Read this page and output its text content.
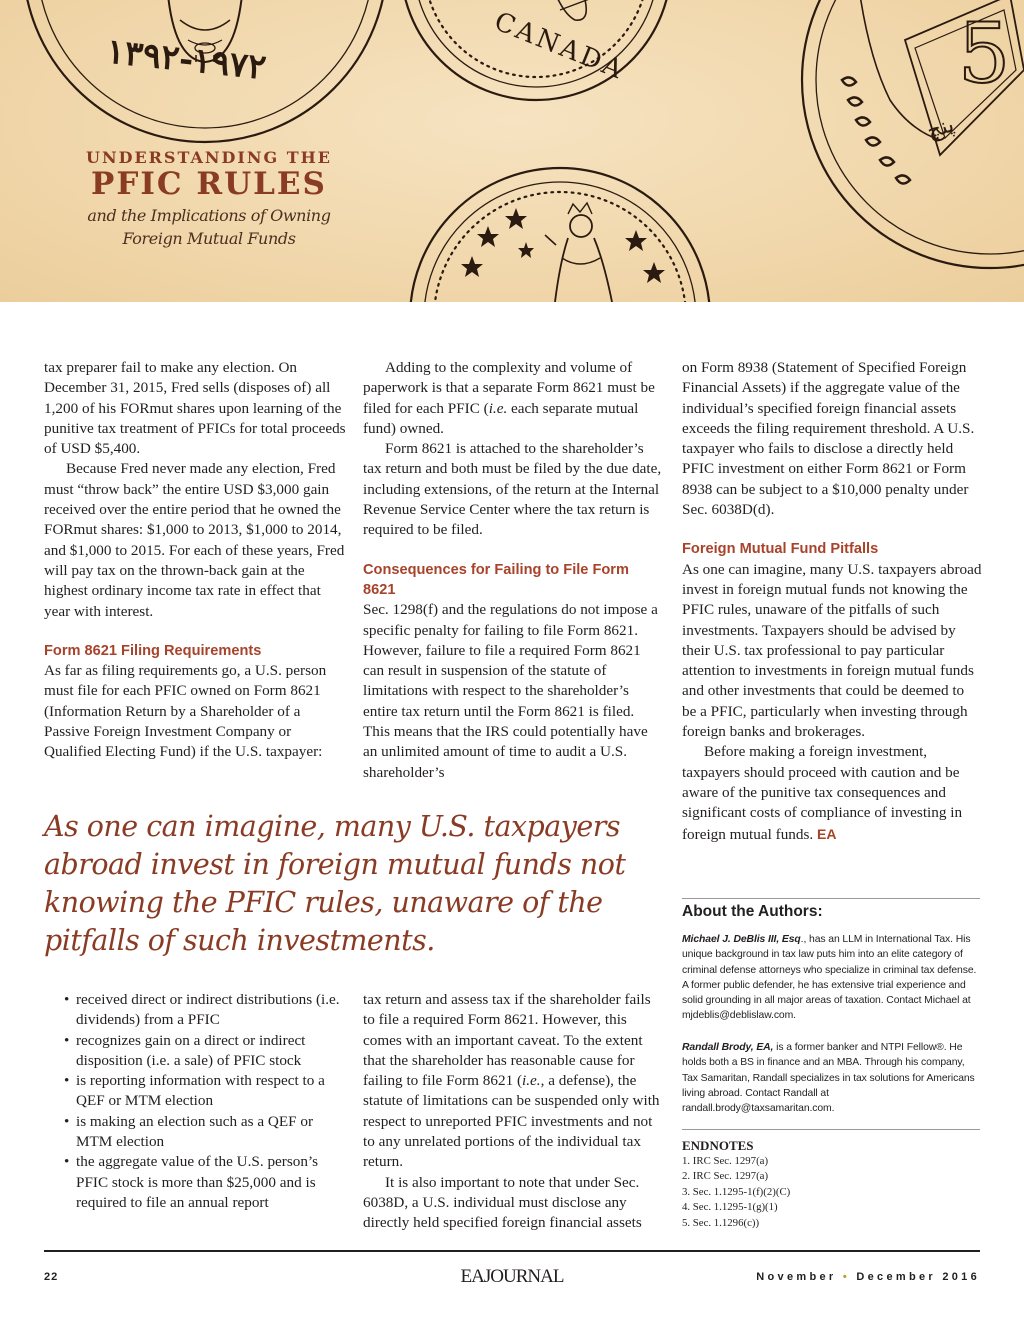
١٩٧٢-١٣٩٢	CANADA	5
پنچ
UNDERSTANDING THE
PFIC RULES
and the Implications of Owning
Foreign Mutual Funds

tax preparer fail to make any election. On December 31, 2015, Fred sells (disposes of) all 1,200 of his FORmut shares upon learning of the punitive tax treatment of PFICs for total proceeds of USD $5,400.

Because Fred never made any election, Fred must “throw back” the entire USD $3,000 gain received over the entire period that he owned the FORmut shares: $1,000 to 2013, $1,000 to 2014, and $1,000 to 2015. For each of these years, Fred will pay tax on the thrown-back gain at the highest ordinary income tax rate in effect that year with interest.

Form 8621 Filing Requirements

As far as filing requirements go, a U.S. person must file for each PFIC owned on Form 8621 (Information Return by a Shareholder of a Passive Foreign Investment Company or Qualified Electing Fund) if the U.S. taxpayer:

Adding to the complexity and volume of paperwork is that a separate Form 8621 must be filed for each PFIC (i.e. each separate mutual fund) owned.

Form 8621 is attached to the shareholder’s tax return and both must be filed by the due date, including extensions, of the return at the Internal Revenue Service Center where the tax return is required to be filed.

Consequences for Failing to File Form 8621

Sec. 1298(f) and the regulations do not impose a specific penalty for failing to file Form 8621. However, failure to file a required Form 8621 can result in suspension of the statute of limitations with respect to the shareholder’s entire tax return until the Form 8621 is filed. This means that the IRS could potentially have an unlimited amount of time to audit a U.S. shareholder’s

on Form 8938 (Statement of Specified Foreign Financial Assets) if the aggregate value of the individual’s specified foreign financial assets exceeds the filing requirement threshold. A U.S. taxpayer who fails to disclose a directly held PFIC investment on either Form 8621 or Form 8938 can be subject to a $10,000 penalty under Sec. 6038D(d).

Foreign Mutual Fund Pitfalls

As one can imagine, many U.S. taxpayers abroad invest in foreign mutual funds not knowing the PFIC rules, unaware of the pitfalls of such investments. Taxpayers should be advised by their U.S. tax professional to pay particular attention to investments in foreign mutual funds and other investments that could be deemed to be a PFIC, particularly when investing through foreign banks and brokerages.

Before making a foreign investment, taxpayers should proceed with caution and be aware of the punitive tax consequences and significant costs of compliance of investing in foreign mutual funds. EA

As one can imagine, many U.S. taxpayers abroad invest in foreign mutual funds not knowing the PFIC rules, unaware of the pitfalls of such investments.
• received direct or indirect distributions (i.e. dividends) from a PFIC
• recognizes gain on a direct or indirect disposition (i.e. a sale) of PFIC stock
• is reporting information with respect to a QEF or MTM election
• is making an election such as a QEF or MTM election
• the aggregate value of the U.S. person’s PFIC stock is more than $25,000 and is required to file an annual report

tax return and assess tax if the shareholder fails to file a required Form 8621. However, this comes with an important caveat. To the extent that the shareholder has reasonable cause for failing to file Form 8621 (i.e., a defense), the statute of limitations can be suspended only with respect to unreported PFIC investments and not to any unrelated portions of the individual tax return.

It is also important to note that under Sec. 6038D, a U.S. individual must disclose any directly held specified foreign financial assets

About the Authors:
Michael J. DeBlis III, Esq., has an LLM in International Tax. His unique background in tax law puts him into an elite category of criminal defense attorneys who specialize in criminal tax defense. A former public defender, he has extensive trial experience and solid grounding in all major areas of taxation. Contact Michael at mjdeblis@deblislaw.com.
Randall Brody, EA, is a former banker and NTPI Fellow®. He holds both a BS in finance and an MBA. Through his company, Tax Samaritan, Randall specializes in tax solutions for Americans living abroad. Contact Randall at randall.brody@taxsamaritan.com.
ENDNOTES
1. IRC Sec. 1297(a)
2. IRC Sec. 1297(a)
3. Sec. 1.1295-1(f)(2)(C)
4. Sec. 1.1295-1(g)(1)
5. Sec. 1.1296(c))
22	EAJOURNAL	November • December 2016
